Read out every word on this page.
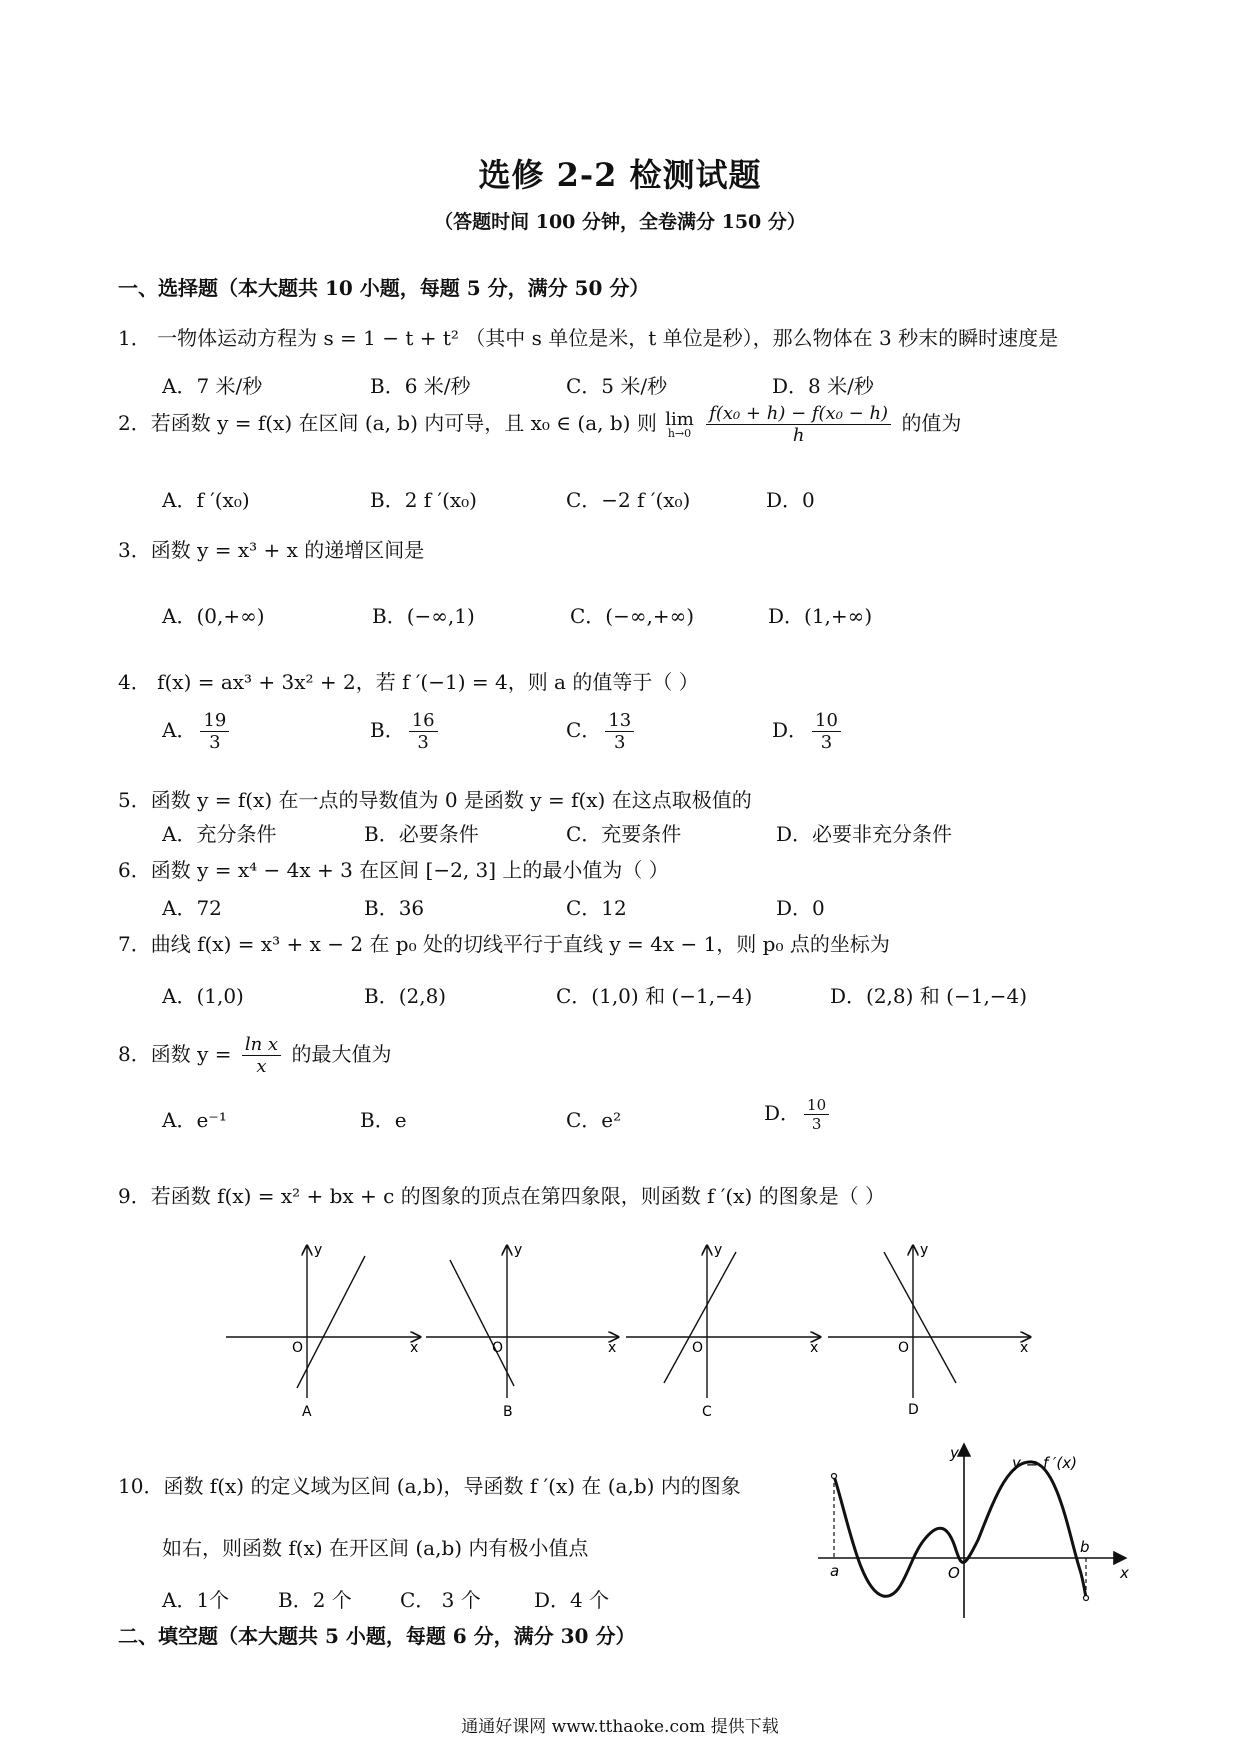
选修 2-2 检测试题
（答题时间 100 分钟，全卷满分 150 分）
一、选择题（本大题共 10 小题，每题 5 分，满分 50 分）
1． 一物体运动方程为 s = 1 − t + t² （其中 s 单位是米，t 单位是秒），那么物体在 3 秒末的瞬时速度是
A．7 米/秒	B．6 米/秒	C．5 米/秒	D．8 米/秒
2．若函数 y = f(x) 在区间 (a, b) 内可导，且 x₀ ∈ (a, b) 则 lim
h→0
$\frac{\text{f(x₀ + h) − f(x₀ − h)}}{h}$ 的值为
A．f ′(x₀)	B．2 f ′(x₀)	C．−2 f ′(x₀)	D．0
3．函数 y = x³ + x 的递增区间是
A．(0,+∞)	B．(−∞,1)	C．(−∞,+∞)	D．(1,+∞)
4． f(x) = ax³ + 3x² + 2，若 f ′(−1) = 4，则 a 的值等于（ ）
A． $\frac{19}{3}$	B． $\frac{16}{3}$	C． $\frac{13}{3}$	D． $\frac{10}{3}$
5．函数 y = f(x) 在一点的导数值为 0 是函数 y = f(x) 在这点取极值的
A．充分条件	B．必要条件	C．充要条件	D．必要非充分条件
6．函数 y = x⁴ − 4x + 3 在区间 [−2, 3] 上的最小值为（ ）
A．72	B．36	C．12	D．0
7．曲线 f(x) = x³ + x − 2 在 p₀ 处的切线平行于直线 y = 4x − 1，则 p₀ 点的坐标为
A．(1,0)	B．(2,8)	C．(1,0) 和 (−1,−4)	D．(2,8) 和 (−1,−4)
8．函数 $y = \frac{\text{ln x}}{x}$ 的最大值为
A．e⁻¹	B．e	C．e²	D． $\frac{10}{3}$
9．若函数 f(x) = x² + bx + c 的图象的顶点在第四象限，则函数 f ′(x) 的图象是（ ）
y
x
O
A
y
x
O
B
y
x
O
C
y
x
O
D
10．函数 f(x) 的定义域为区间 (a,b)，导函数 f ′(x) 在 (a,b) 内的图象
如右，则函数 f(x) 在开区间 (a,b) 内有极小值点
A．1个 B．2 个 C． 3 个	D．4 个
y
x
O
a
b
y = f ′(x)
二、填空题（本大题共 5 小题，每题 6 分，满分 30 分）
通通好课网 www.tthaoke.com 提供下载
